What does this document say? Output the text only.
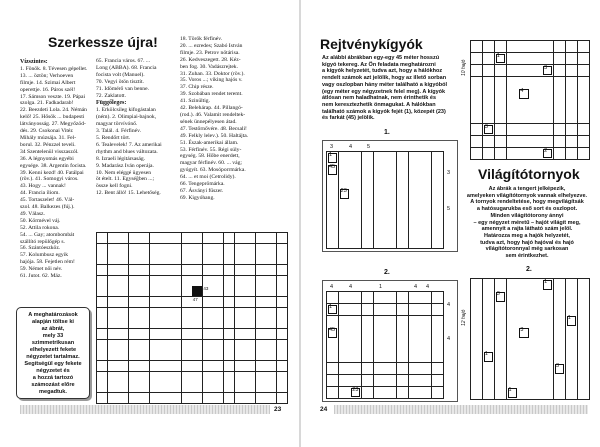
Szerkessze újra!
Vízszintes:
1. Fönök. 8. Tévesen gépellet.
13. ... öztön; Verhoeven
filmje. 14. Szimai Albert
operettje. 16. Páros szél!
17. Sámson veszte. 19. Pápai
szolga. 21. Fadkadarab!
22. Beezdeti Lola. 24. Némán
kelő! 25. Hősök ... budapesti
látványosság. 27. Megyőzöd-
dés. 29. Csokonai Vitéz
Mihály múzsája. 31. Fel-
borul. 32. Pénzzel teveli.
34 Szentelenül visszaszól.
36. A légnyomás egyébi
egysége. 38. Argentin focista.
39. Kenni kezd! 40. Fatálpai
(röv.). 41. Somogyi város.
43. Hogy ... vannak!
44. Francia íliom.
45. Tortaszelet! 46. Vál-
szol. 48. Balkezes (fúj.).
49. Válasz.
50. Körmével váj.
52. Attila rokona.
54. ... Gay; atombombát
szállító repülőgép s.
56. Szántóeszköz.
57. Kolumbusz egyik
hajója. 58. Fejetlen rém!
59. Német női név.
61. Jutot. 62. Máz.
65. Francia város. 67. ...
Long (ABBA). 68. Francia
focista volt (Manuel).
70. Vegyi ötön tisztít.
71. Idömérő van benne.
72. Zaklatott.
Függőleges:
1. Erkölcsileg kifogástalan
(ném). 2. Olimpiai-bajnok,
magyar törvívónő.
3. Talál. 4. Férfinév.
5. Rendőrt tört.
6. Tealevelek! 7. Az amerikai
rhythm and blues változata.
8. Izraeli légitársaság.
9. Madarász Iván operája.
10. Nem eléggé ügyesen
öt ételt. 11. Egyséğben ...;
össze kell fogni.
12. Bent álló! 15. Lehetőség.
18. Török férfinév.
20. ... ezredes; Szabó István
filmje. 23. Petrov nötárisa.
26. Kedveszegett. 28. Kéz-
ben fog. 30. Vadászrejtek.
31. Zuhan. 33. Doktor (röv.).
35. Voros ...; viking hajós v.
37. Chip része.
39. Szobában rendet teremt.
41. Szinültig.
42. Belehárap. 44. Pillangó-
(rod.). 46. Valamit rendeltek-
sének ünnepélyesen átad.
47. Testőrnővére. 48. Becsali!
49. Felkly lelev.). 50. Haltájta.
51. Észak-amerikai állam.
53. Férfinév. 55. Régi súly-
egység. 58. Hőbe enerdett,
magyar férfinév. 60. ... vág;
gyógyít. 63. Mosóporrmárka.
64. ... et moi (Cetrolidy).
66. Tengeprömárka.
67. Ásványi fűszer.
69. Kigyóhang.
43
47
A meghatározások
alapján töltse ki
az ábrát,
mely 33
szimmetrikusan
elhelyezett fekete
négyzetet tartalmaz.
Segítségül egy fekete
négyzetet és
a hozzá tartozó
számozást előre
megadtuk.
23
Rejtvénykígyók
Az alábbi ábrákban egy-egy 45 méter hosszú
kígyó tekereg. Az Ön feladata meghatározni
a kígyók helyzetét, tudva azt, hogy a hálókhoz
rendelt számok azt jelölik, hogy az illető sorban
vagy oszlopban hány méter található a kígyóból
(egy méter egy négyzetnek felel meg). A kígyók
átlósan nem haladhatnak, nem érinthetik és
nem keresztezhetik önmagukat. A hálókban
található számok a kígyók fejét (1), közepét (23)
és farkát (45) jelölik.
1.
3	4	5
1
45
23
3
5
2.
4	4	1	4 4
1
45
23
4
4
10 hajó
1
3
4
3
2
Világítótornyok
Az ábrák a tengert jelképezik,
amelyeken világítótornyok vannak elhelyezve.
A tornyok rendeltetése, hogy megvilágítsák
a hatósugarukba eső sort és oszlopot.
Minden világítótorony ánnyi
– egy négyzet méretű – hajót világít meg,
amennyit a rajta látható szám jelöl.
Határozza meg a hajók helyzetét,
tudva azt, hogy hajó hajóval és hajó
világítótoronnyal még sarkosan
sem érintkezhet.
2.
12 hajó
1
3
1
3
1
3
1
24
